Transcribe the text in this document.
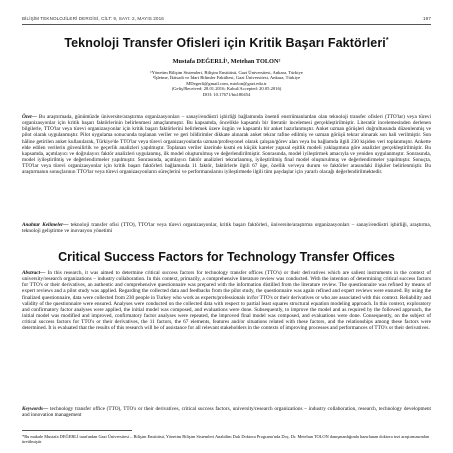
BİLİŞİM TEKNOLOJİLERİ DERGİSİ, CİLT: 9, SAYI: 2, MAYIS 2016	197
Teknoloji Transfer Ofisleri için Kritik Başarı Faktörleri*
Mustafa DEĞERLİ¹, Metehan TOLON²
¹Yönetim Bilişim Sistemleri, Bilişim Enstitüsü, Gazi Üniversitesi, Ankara, Türkiye
²İşletme, İktisadi ve İdari Bilimler Fakültesi, Gazi Üniversitesi, Ankara, Türkiye
MDegerli@gmail.com, mtolon@gazi.edu.tr
(Geliş/Received: 28.01.2016; Kabul/Accepted: 20.05.2016)
DOI: 10.17671/btd.80454
Özet— Bu araştırmada, günümüzde üniversite/araştırma organizasyonları – sanayi/endüstri işbirliği bağlamında önemli enstrümanlardan olan teknoloji transfer ofisleri (TTO'lar) veya türevi organizasyonlar için kritik başarı faktörlerinin belirlenmesi amaçlanmıştır. Bu kapsamda, öncelikle kapsamlı bir literatür incelemesi gerçekleştirilmiştir. Literatür incelemesinden derlenen bilgilerle, TTO'lar veya türevi organizasyonlar için kritik başarı faktörlerini belirlemek üzere özgün ve kapsamlı bir anket hazırlanmıştır. Anket uzman görüşleri doğrultusunda düzenlenmiş ve pilot olarak uygulanmıştır. Pilot uygulama sonucunda toplanan veriler ve geri bildirimler dikkate alınarak anket tekrar rafine edilmiş ve uzman görüşü tekrar alınarak son hali verilmiştir. Son hâline getirilen anket kullanılarak, Türkiye'de TTO'lar veya türevi organizasyonlarda uzman/profesyonel olarak çalışan/görev alan veya bu bağlamda ilgili 230 kişiden veri toplanmıştır. Ankette elde edilen verilerin güvenilirlik ve geçerlik analizleri yapılmıştır. Toplanan veriler üzerinde kısmi en küçük kareler yapısal eşitlik modeli yaklaşımına göre analizler gerçekleştirilmiştir. Bu kapsamda, açımlayıcı ve doğrulayıcı faktör analizleri uygulanmış, ilk model oluşturulmuş ve değerlendirilmiştir. Sonrasında, model iyileştirmek amacıyla ve yeniden uygulanmıştır. Sonrasında, model iyileştirilmiş ve değerlendirmeler yapılmıştır. Sonrasında, açımlayıcı faktör analizleri tekrarlanmış, iyileştirilmiş final model oluşturulmuş ve değerlendirmeler yapılmıştır. Sonuçta, TTO'lar veya türevi organizasyonlar için kritik başarı faktörleri bağlamında 11 faktör, faktörlerle ilgili 67 öge, özellik ve/veya durum ve faktörler arasındaki ilişkiler belirlenmiştir. Bu araştırmanın sonuçlarının TTO'lar veya türevi organizasyonların süreçlerini ve performanslarını iyileştirmede ilgili tüm paydaşlar için yararlı olacağı değerlendirilmektedir.
Anahtar Kelimeler— teknoloji transfer ofisi (TTO), TTO'lar veya türevi organizasyonlar, kritik başarı faktörleri, üniversite/araştırma organizasyonları – sanayi/endüstri işbirliği, araştırma, teknoloji geliştirme ve inovasyon yönetimi
Critical Success Factors for Technology Transfer Offices
Abstract— In this research, it was aimed to determine critical success factors for technology transfer offices (TTO's) or their derivatives which are salient instruments in the context of university/research organizations – industry collaboration. In this context, primarily, a comprehensive literature review was conducted. With the intention of determining critical success factors for TTO's or their derivatives, an authentic and comprehensive questionnaire was prepared with the information distilled from the literature review. The questionnaire was refined by means of expert reviews and a pilot study was applied. Regarding the collected data and feedbacks from the pilot study, the questionnaire was again refined and expert reviews were ensured. By using the finalized questionnaire, data were collected from 230 people in Turkey who work as experts/professionals in/for TTO's or their derivatives or who are associated with this context. Reliability and validity of the questionnaire were ensured. Analyses were conducted on the collected data with respect to partial least squares structural equation modeling approach. In this context, exploratory and confirmatory factor analyses were applied, the initial model was composed, and evaluations were done. Subsequently, to improve the model and as required by the followed approach, the initial model was modified and improved, confirmatory factor analyses were repeated, the improved final model was composed, and evaluations were done. Consequently, on the subject of critical success factors for TTO's or their derivatives, the 11 factors, the 67 elements, features and/or situations related with these factors, and the relationships among these factors were determined. It is evaluated that the results of this research will be of assistance for all relevant stakeholders in the contexts of improving processes and performances of TTO's or their derivatives.
Keywords— technology transfer office (TTO), TTO's or their derivatives, critical success factors, university/research organizations – industry collaboration, research, technology development and innovation management
*Bu makale Mustafa DEĞERLİ tarafından Gazi Üniversitesi – Bilişim Enstitüsü, Yönetim Bilişim Sistemleri Anabilim Dalı Doktora Programı'nda Doç. Dr. Metehan TOLON danışmanlığında hazırlanan doktora tezi araştırmasından üretilmiştir
